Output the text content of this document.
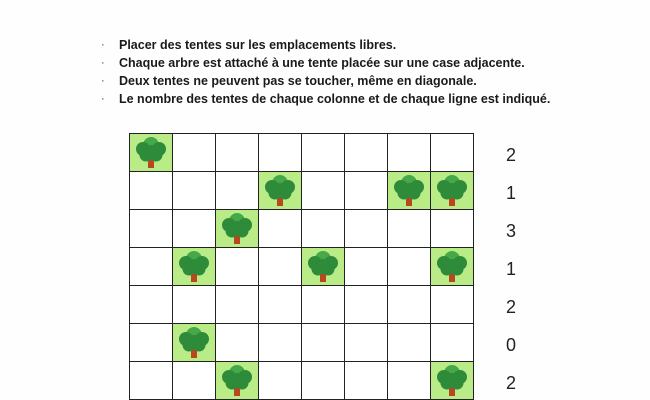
· Placer des tentes sur les emplacements libres.
· Chaque arbre est attaché à une tente placée sur une case adjacente.
· Deux tentes ne peuvent pas se toucher, même en diagonale.
· Le nombre des tentes de chaque colonne et de chaque ligne est indiqué.
2
1
3
1
2
0
2
